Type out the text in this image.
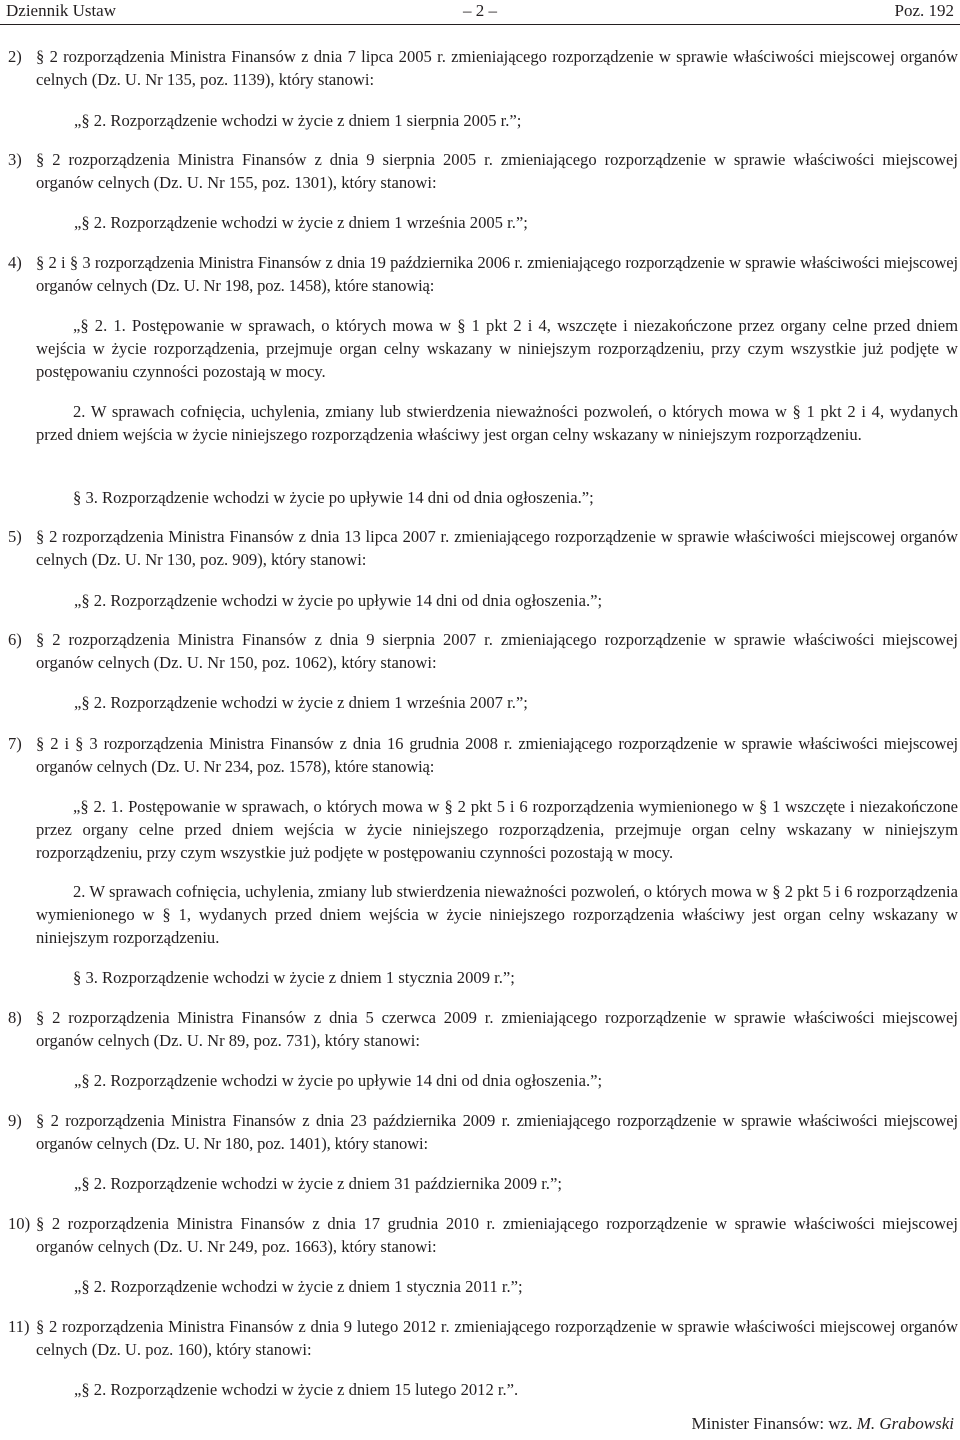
Dziennik Ustaw	– 2 –	Poz. 192
2) § 2 rozporządzenia Ministra Finansów z dnia 7 lipca 2005 r. zmieniającego rozporządzenie w sprawie właściwości miejscowej organów celnych (Dz. U. Nr 135, poz. 1139), który stanowi:
„§ 2. Rozporządzenie wchodzi w życie z dniem 1 sierpnia 2005 r.”;
3) § 2 rozporządzenia Ministra Finansów z dnia 9 sierpnia 2005 r. zmieniającego rozporządzenie w sprawie właściwości miejscowej organów celnych (Dz. U. Nr 155, poz. 1301), który stanowi:
„§ 2. Rozporządzenie wchodzi w życie z dniem 1 września 2005 r.”;
4) § 2 i § 3 rozporządzenia Ministra Finansów z dnia 19 października 2006 r. zmieniającego rozporządzenie w sprawie właściwości miejscowej organów celnych (Dz. U. Nr 198, poz. 1458), które stanowią:
„§ 2. 1. Postępowanie w sprawach, o których mowa w § 1 pkt 2 i 4, wszczęte i niezakończone przez organy celne przed dniem wejścia w życie rozporządzenia, przejmuje organ celny wskazany w niniejszym rozporządzeniu, przy czym wszystkie już podjęte w postępowaniu czynności pozostają w mocy.
2. W sprawach cofnięcia, uchylenia, zmiany lub stwierdzenia nieważności pozwoleń, o których mowa w § 1 pkt 2 i 4, wydanych przed dniem wejścia w życie niniejszego rozporządzenia właściwy jest organ celny wskazany w niniejszym rozporządzeniu.
§ 3. Rozporządzenie wchodzi w życie po upływie 14 dni od dnia ogłoszenia.”;
5) § 2 rozporządzenia Ministra Finansów z dnia 13 lipca 2007 r. zmieniającego rozporządzenie w sprawie właściwości miejscowej organów celnych (Dz. U. Nr 130, poz. 909), który stanowi:
„§ 2. Rozporządzenie wchodzi w życie po upływie 14 dni od dnia ogłoszenia.”;
6) § 2 rozporządzenia Ministra Finansów z dnia 9 sierpnia 2007 r. zmieniającego rozporządzenie w sprawie właściwości miejscowej organów celnych (Dz. U. Nr 150, poz. 1062), który stanowi:
„§ 2. Rozporządzenie wchodzi w życie z dniem 1 września 2007 r.”;
7) § 2 i § 3 rozporządzenia Ministra Finansów z dnia 16 grudnia 2008 r. zmieniającego rozporządzenie w sprawie właściwości miejscowej organów celnych (Dz. U. Nr 234, poz. 1578), które stanowią:
„§ 2. 1. Postępowanie w sprawach, o których mowa w § 2 pkt 5 i 6 rozporządzenia wymienionego w § 1 wszczęte i niezakończone przez organy celne przed dniem wejścia w życie niniejszego rozporządzenia, przejmuje organ celny wskazany w niniejszym rozporządzeniu, przy czym wszystkie już podjęte w postępowaniu czynności pozostają w mocy.
2. W sprawach cofnięcia, uchylenia, zmiany lub stwierdzenia nieważności pozwoleń, o których mowa w § 2 pkt 5 i 6 rozporządzenia wymienionego w § 1, wydanych przed dniem wejścia w życie niniejszego rozporządzenia właściwy jest organ celny wskazany w niniejszym rozporządzeniu.
§ 3. Rozporządzenie wchodzi w życie z dniem 1 stycznia 2009 r.”;
8) § 2 rozporządzenia Ministra Finansów z dnia 5 czerwca 2009 r. zmieniającego rozporządzenie w sprawie właściwości miejscowej organów celnych (Dz. U. Nr 89, poz. 731), który stanowi:
„§ 2. Rozporządzenie wchodzi w życie po upływie 14 dni od dnia ogłoszenia.”;
9) § 2 rozporządzenia Ministra Finansów z dnia 23 października 2009 r. zmieniającego rozporządzenie w sprawie właściwości miejscowej organów celnych (Dz. U. Nr 180, poz. 1401), który stanowi:
„§ 2. Rozporządzenie wchodzi w życie z dniem 31 października 2009 r.”;
10) § 2 rozporządzenia Ministra Finansów z dnia 17 grudnia 2010 r. zmieniającego rozporządzenie w sprawie właściwości miejscowej organów celnych (Dz. U. Nr 249, poz. 1663), który stanowi:
„§ 2. Rozporządzenie wchodzi w życie z dniem 1 stycznia 2011 r.”;
11) § 2 rozporządzenia Ministra Finansów z dnia 9 lutego 2012 r. zmieniającego rozporządzenie w sprawie właściwości miejscowej organów celnych (Dz. U. poz. 160), który stanowi:
„§ 2. Rozporządzenie wchodzi w życie z dniem 15 lutego 2012 r.”.
Minister Finansów: wz. M. Grabowski
